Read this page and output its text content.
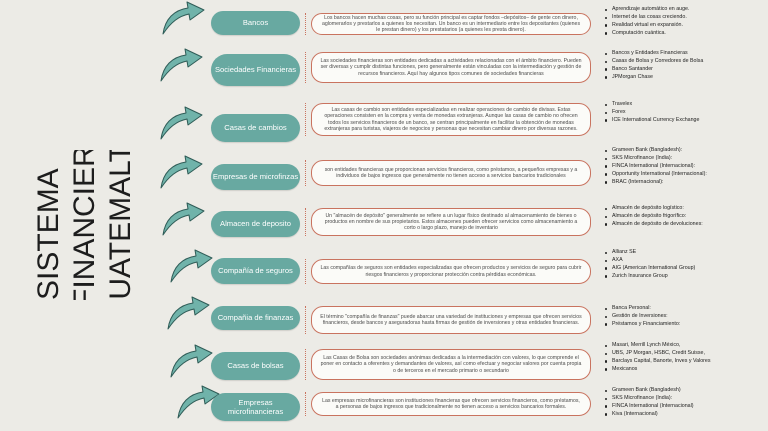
SISTEMA FINANCIERO GUATEMALTECO
Bancos
Los bancos hacen muchas cosas, pero su función principal es captar fondos –depósitos– de gente con dinero, aglomerarlos y prestarlos a quienes los necesitan. Un banco es un intermediario entre los depositantes (quienes le prestan dinero) y los prestatarios (a quienes les presta dinero).
Aprendizaje automático en auge.
Internet de las cosas creciendo.
Realidad virtual en expansión.
Computación cuántica.
Sociedades Financieras
Las sociedades financieras son entidades dedicadas a actividades relacionadas con el ámbito financiero. Pueden ser diversas y cumplir distintas funciones, pero generalmente están vinculadas con la intermediación y gestión de recursos financieros. Aquí hay algunos tipos comunes de sociedades financieras
Bancos y Entidades Financieras
Casas de Bolsa y Corredores de Bolsa
Banco Santander
JPMorgan Chase
Casas de cambios
Las casas de cambio son entidades especializadas en realizar operaciones de cambio de divisas. Estas operaciones consisten en la compra y venta de monedas extranjeras. Aunque las casas de cambio no ofrecen todos los servicios financieros de un banco, se centran principalmente en facilitar la obtención de monedas extranjeras para turistas, viajeros de negocios y personas que necesitan cambiar dinero por diversas razones.
Travelex
Forex
ICE International Currency Exchange
Empresas de microfinzas
son entidades financieras que proporcionan servicios financieros, como préstamos, a pequeños empresas y a individuos de bajos ingresos que generalmente no tienen acceso a servicios bancarios tradicionales
Grameen Bank (Bangladesh):
SKS Microfinance (India):
FINCA International (Internacional):
Opportunity International (Internacional):
BRAC (Internacional):
Almacen de deposito
Un "almacén de depósito" generalmente se refiere a un lugar físico destinado al almacenamiento de bienes o productos en nombre de sus propietarios. Estos almacenes pueden ofrecer servicios como almacenamiento a corto o largo plazo, manejo de inventario
Almacén de depósito logístico:
Almacén de depósito frigorífico:
Almacén de depósito de devoluciones:
Compañía de seguros	Las compañías de seguros son entidades especializadas que ofrecen productos y servicios de seguro para cubrir riesgos financieros y proporcionar protección contra pérdidas económicas.
Allianz SE
AXA
AIG (American International Group)
Zurich Insurance Group
Compañia de finanzas	El término "compañía de finanzas" puede abarcar una variedad de instituciones y empresas que ofrecen servicios financieros, desde bancos y aseguradoras hasta firmas de gestión de inversiones y otras entidades financieras.
Banca Personal:
Gestión de Inversiones:
Préstamos y Financiamiento:
Casas de bolsas
Las Casas de Bolsa son sociedades anónimas dedicadas a la intermediación con valores, lo que comprende el poner en contacto a oferentes y demandantes de valores, así como efectuar y negociar valores por cuenta propia o de terceros en el mercado primario o secundario
Masari, Merrill Lynch México,
UBS, JP Morgan, HSBC, Credit Suisse,
Barclays Capital, Banorte, Inves y Valores
Mexicanos
Empresas microfinancieras
Las empresas microfinancieras son instituciones financieras que ofrecen servicios financieros, como préstamos, a personas de bajos ingresos que tradicionalmente no tienen acceso a servicios bancarios formales.
Grameen Bank (Bangladesh)
SKS Microfinance (India):
FINCA International (Internacional)
Kiva (Internacional)
